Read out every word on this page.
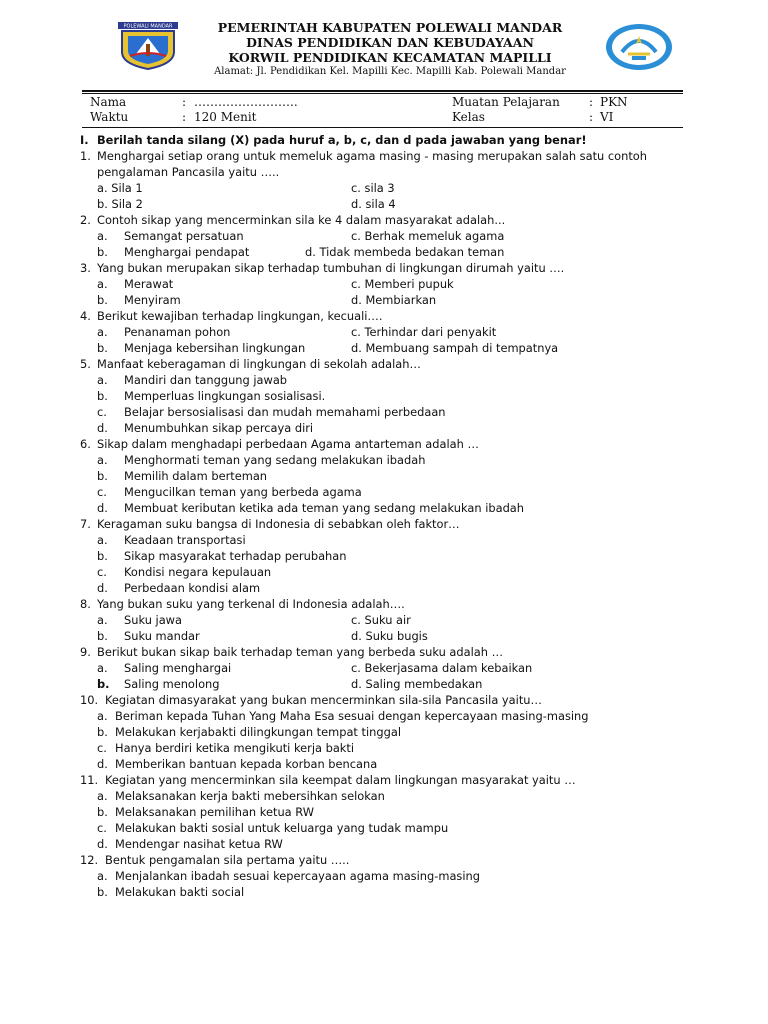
POLEWALI MANDAR	PEMERINTAH KABUPATEN POLEWALI MANDAR
DINAS PENDIDIKAN DAN KEBUDAYAAN
KORWIL PENDIDIKAN KECAMATAN MAPILLI
Alamat: Jl. Pendidikan Kel. Mapilli Kec. Mapilli Kab. Polewali Mandar
Nama	: ……………………..	Muatan Pelajaran : PKN
Waktu	: 120 Menit	Kelas	: VI
I. Berilah tanda silang (X) pada huruf a, b, c, dan d pada jawaban yang benar!
1. Menghargai setiap orang untuk memeluk agama masing - masing merupakan salah satu contoh
pengalaman Pancasila yaitu …..
a. Sila 1	c. sila 3
b. Sila 2	d. sila 4
2. Contoh sikap yang mencerminkan sila ke 4 dalam masyarakat adalah...
a. Semangat persatuan	c. Berhak memeluk agama
b. Menghargai pendapat	d. Tidak membeda bedakan teman
3. Yang bukan merupakan sikap terhadap tumbuhan di lingkungan dirumah yaitu ….
a. Merawat	c. Memberi pupuk
b. Menyiram	d. Membiarkan
4. Berikut kewajiban terhadap lingkungan, kecuali….
a. Penanaman pohon	c. Terhindar dari penyakit
b. Menjaga kebersihan lingkungan	d. Membuang sampah di tempatnya
5. Manfaat keberagaman di lingkungan di sekolah adalah…
a. Mandiri dan tanggung jawab
b. Memperluas lingkungan sosialisasi.
c. Belajar bersosialisasi dan mudah memahami perbedaan
d. Menumbuhkan sikap percaya diri
6. Sikap dalam menghadapi perbedaan Agama antarteman adalah …
a. Menghormati teman yang sedang melakukan ibadah
b. Memilih dalam berteman
c. Mengucilkan teman yang berbeda agama
d. Membuat keributan ketika ada teman yang sedang melakukan ibadah
7. Keragaman suku bangsa di Indonesia di sebabkan oleh faktor…
a. Keadaan transportasi
b. Sikap masyarakat terhadap perubahan
c. Kondisi negara kepulauan
d. Perbedaan kondisi alam
8. Yang bukan suku yang terkenal di Indonesia adalah….
a. Suku jawa	c. Suku air
b. Suku mandar	d. Suku bugis
9. Berikut bukan sikap baik terhadap teman yang berbeda suku adalah …
a. Saling menghargai	c. Bekerjasama dalam kebaikan
b. Saling menolong	d. Saling membedakan
10. Kegiatan dimasyarakat yang bukan mencerminkan sila-sila Pancasila yaitu…
a. Beriman kepada Tuhan Yang Maha Esa sesuai dengan kepercayaan masing-masing
b. Melakukan kerjabakti dilingkungan tempat tinggal
c. Hanya berdiri ketika mengikuti kerja bakti
d. Memberikan bantuan kepada korban bencana
11. Kegiatan yang mencerminkan sila keempat dalam lingkungan masyarakat yaitu …
a. Melaksanakan kerja bakti mebersihkan selokan
b. Melaksanakan pemilihan ketua RW
c. Melakukan bakti sosial untuk keluarga yang tudak mampu
d. Mendengar nasihat ketua RW
12. Bentuk pengamalan sila pertama yaitu …..
a. Menjalankan ibadah sesuai kepercayaan agama masing-masing
b. Melakukan bakti social
